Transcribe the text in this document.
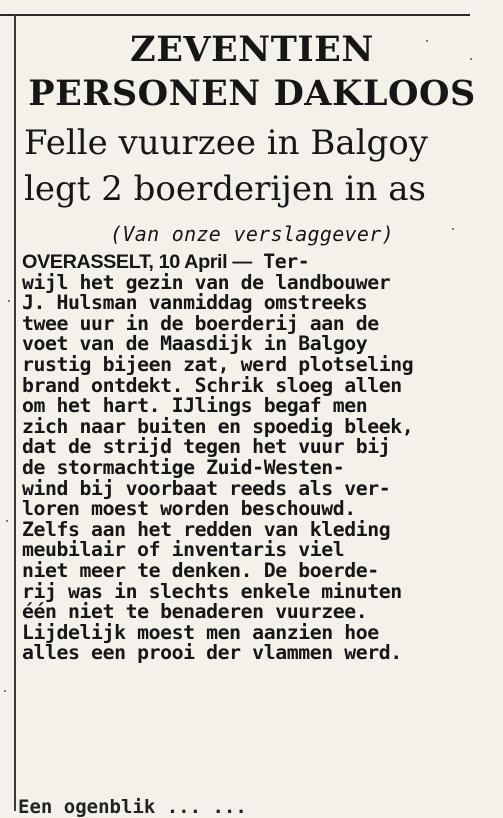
ZEVENTIEN
PERSONEN DAKLOOS
Felle vuurzee in Balgoy
legt 2 boerderijen in as
(Van onze verslaggever)
OVERASSELT, 10 April — Ter-
wijl het gezin van de landbouwer
J. Hulsman vanmiddag omstreeks
twee uur in de boerderij aan de
voet van de Maasdijk in Balgoy
rustig bijeen zat, werd plotseling
brand ontdekt. Schrik sloeg allen
om het hart. IJlings begaf men
zich naar buiten en spoedig bleek,
dat de strijd tegen het vuur bij
de stormachtige Zuid-Westen-
wind bij voorbaat reeds als ver-
loren moest worden beschouwd.
Zelfs aan het redden van kleding
meubilair of inventaris viel
niet meer te denken. De boerde-
rij was in slechts enkele minuten
één niet te benaderen vuurzee.
Lijdelijk moest men aanzien hoe
alles een prooi der vlammen werd.
Een ogenblik ... ...
